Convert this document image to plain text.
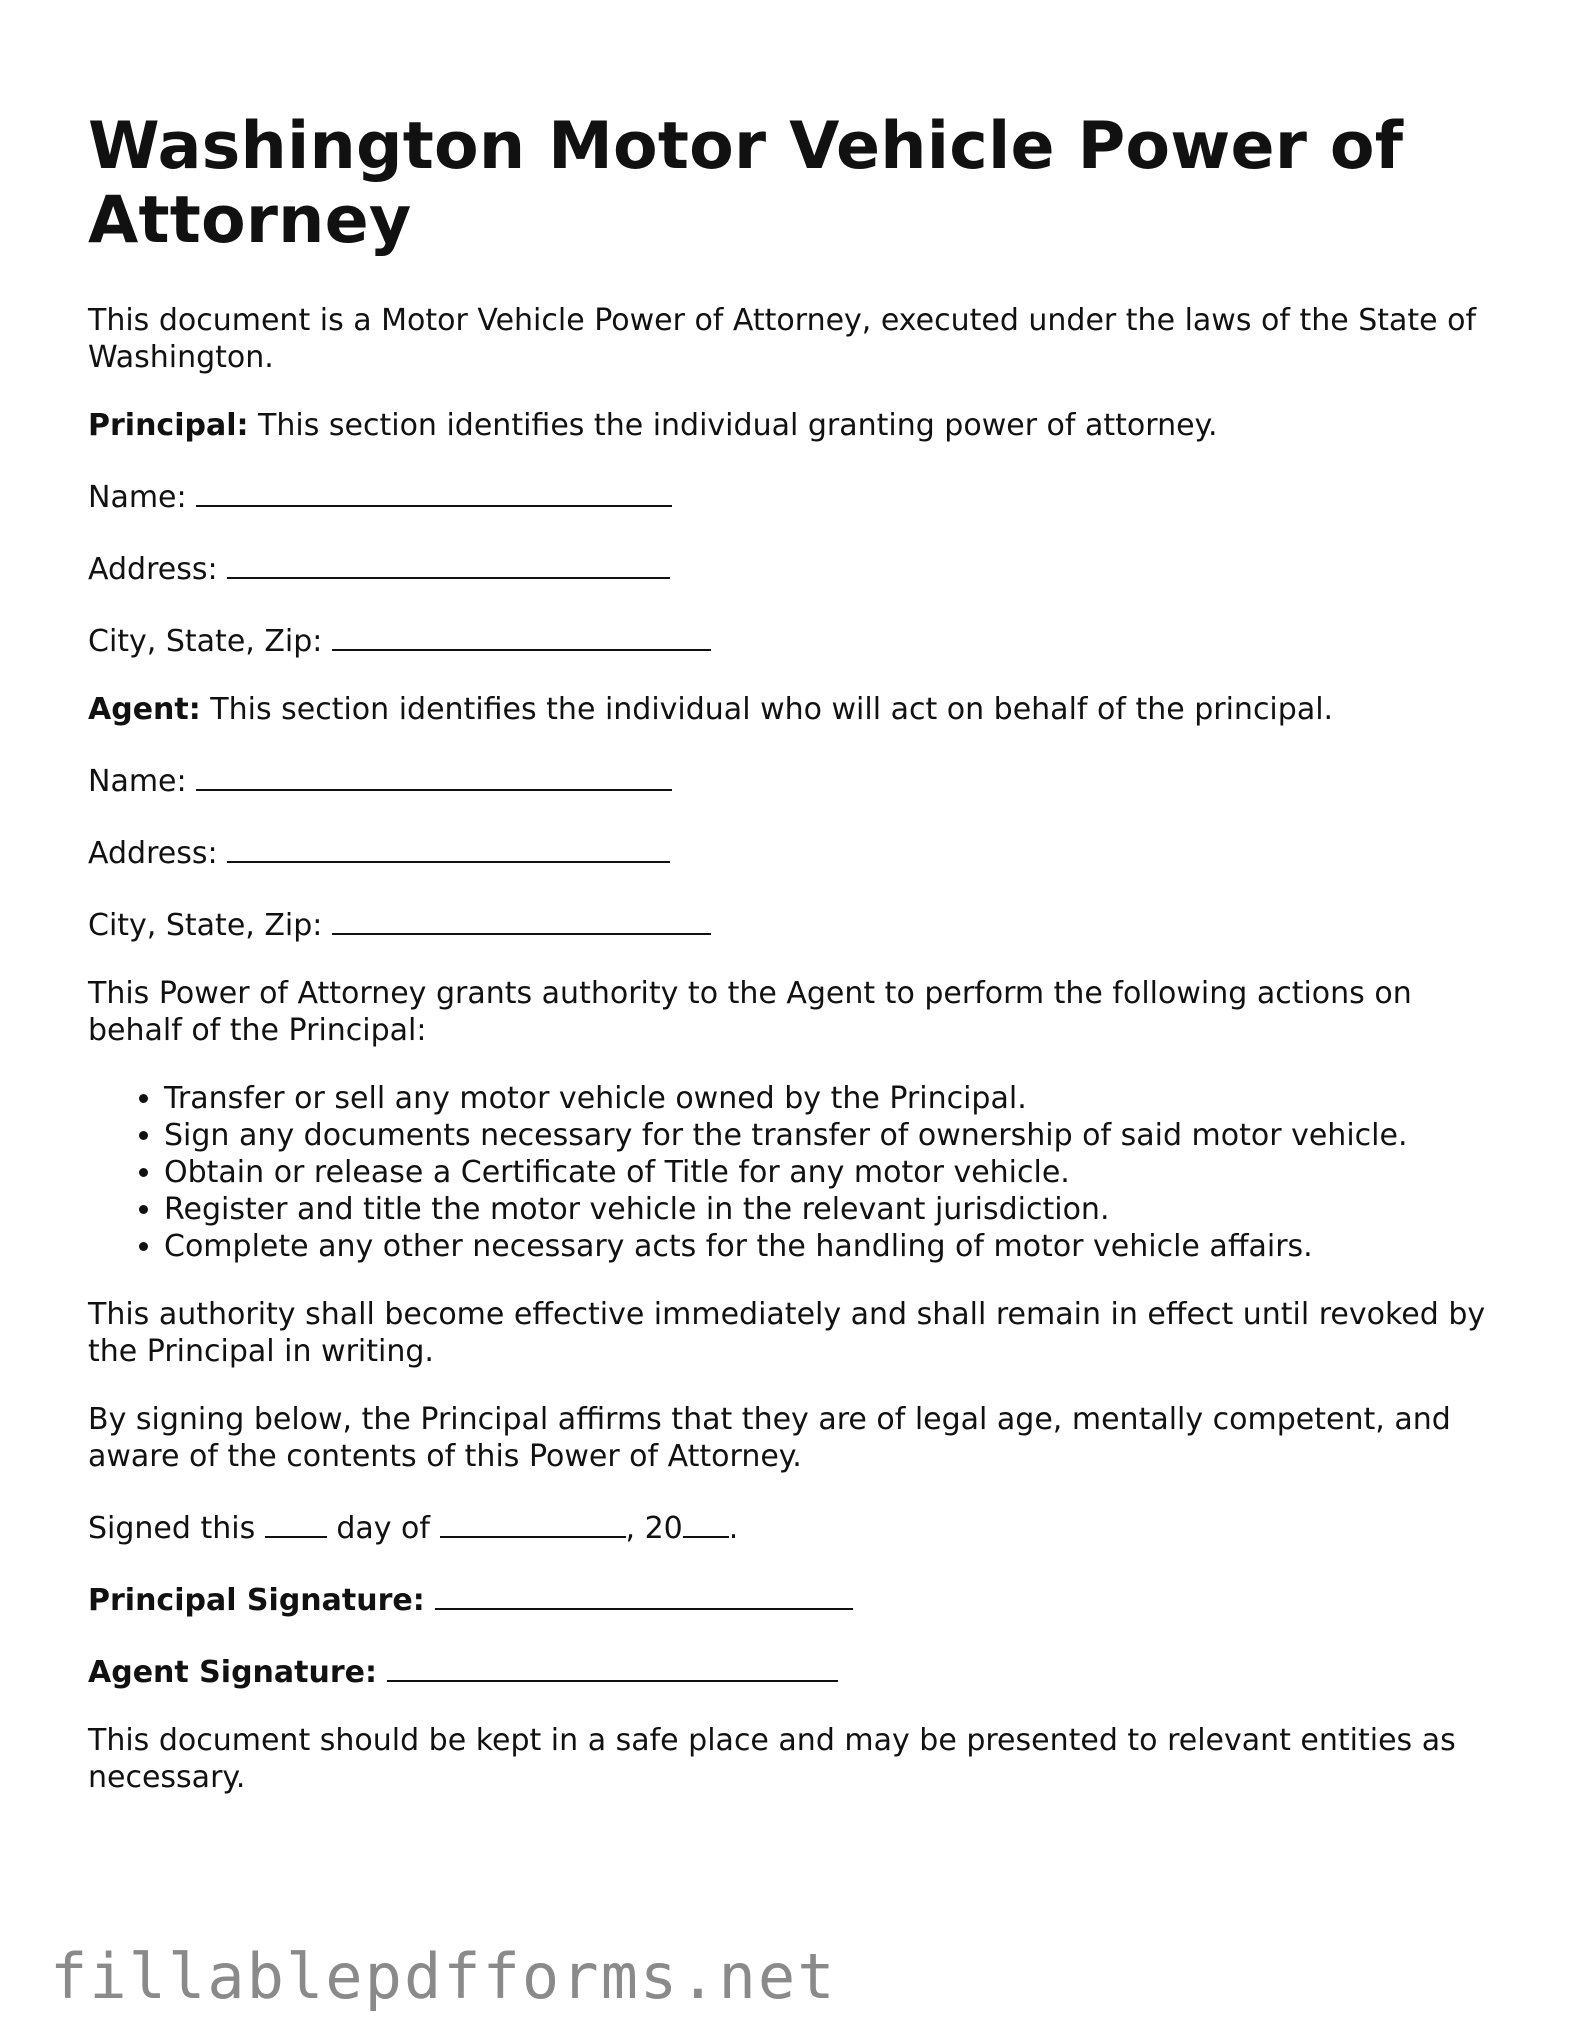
Washington Motor Vehicle Power of Attorney

This document is a Motor Vehicle Power of Attorney, executed under the laws of the State of Washington.

Principal: This section identifies the individual granting power of attorney.

Name:
Address:
City, State, Zip:

Agent: This section identifies the individual who will act on behalf of the principal.

Name:
Address:
City, State, Zip:

This Power of Attorney grants authority to the Agent to perform the following actions on behalf of the Principal:

• Transfer or sell any motor vehicle owned by the Principal.
• Sign any documents necessary for the transfer of ownership of said motor vehicle.
• Obtain or release a Certificate of Title for any motor vehicle.
• Register and title the motor vehicle in the relevant jurisdiction.
• Complete any other necessary acts for the handling of motor vehicle affairs.

This authority shall become effective immediately and shall remain in effect until revoked by the Principal in writing.

By signing below, the Principal affirms that they are of legal age, mentally competent, and aware of the contents of this Power of Attorney.

Signed this	day of	, 20 .
Principal Signature:
Agent Signature:

This document should be kept in a safe place and may be presented to relevant entities as necessary.

fillablepdfforms.net
